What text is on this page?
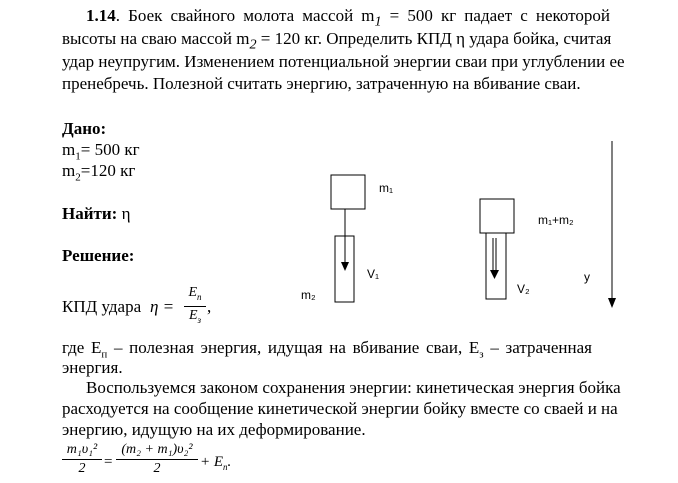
1.14. Боек свайного молота массой $m_1 = 500$ кг падает с некоторой
высоты на сваю массой $m_2 = 120$ кг. Определить КПД η удара бойка, считая
удар неупругим. Изменением потенциальной энергии сваи при углублении ее
пренебречь. Полезной считать энергию, затраченную на вбивание сваи.
Дано:
$m_1= 500$ кг
$m_2=120$ кг
Найти: η
Решение:
КПД удара η =
$E_п$
$E_з$
,
где $Е_п$ – полезная энергия, идущая на вбивание сваи, $Е_з$ – затраченная
энергия.
Воспользуемся законом сохранения энергии: кинетическая энергия бойка
расходуется на сообщение кинетической энергии бойку вместе со сваей и на
энергию, идущую на их деформирование.
m₁υ₁²
2	=
(m₂ + m₁)υ₂²
2	+ $E_п$.
m₁
m₂
m₁+m₂
V₁
V₂
y
